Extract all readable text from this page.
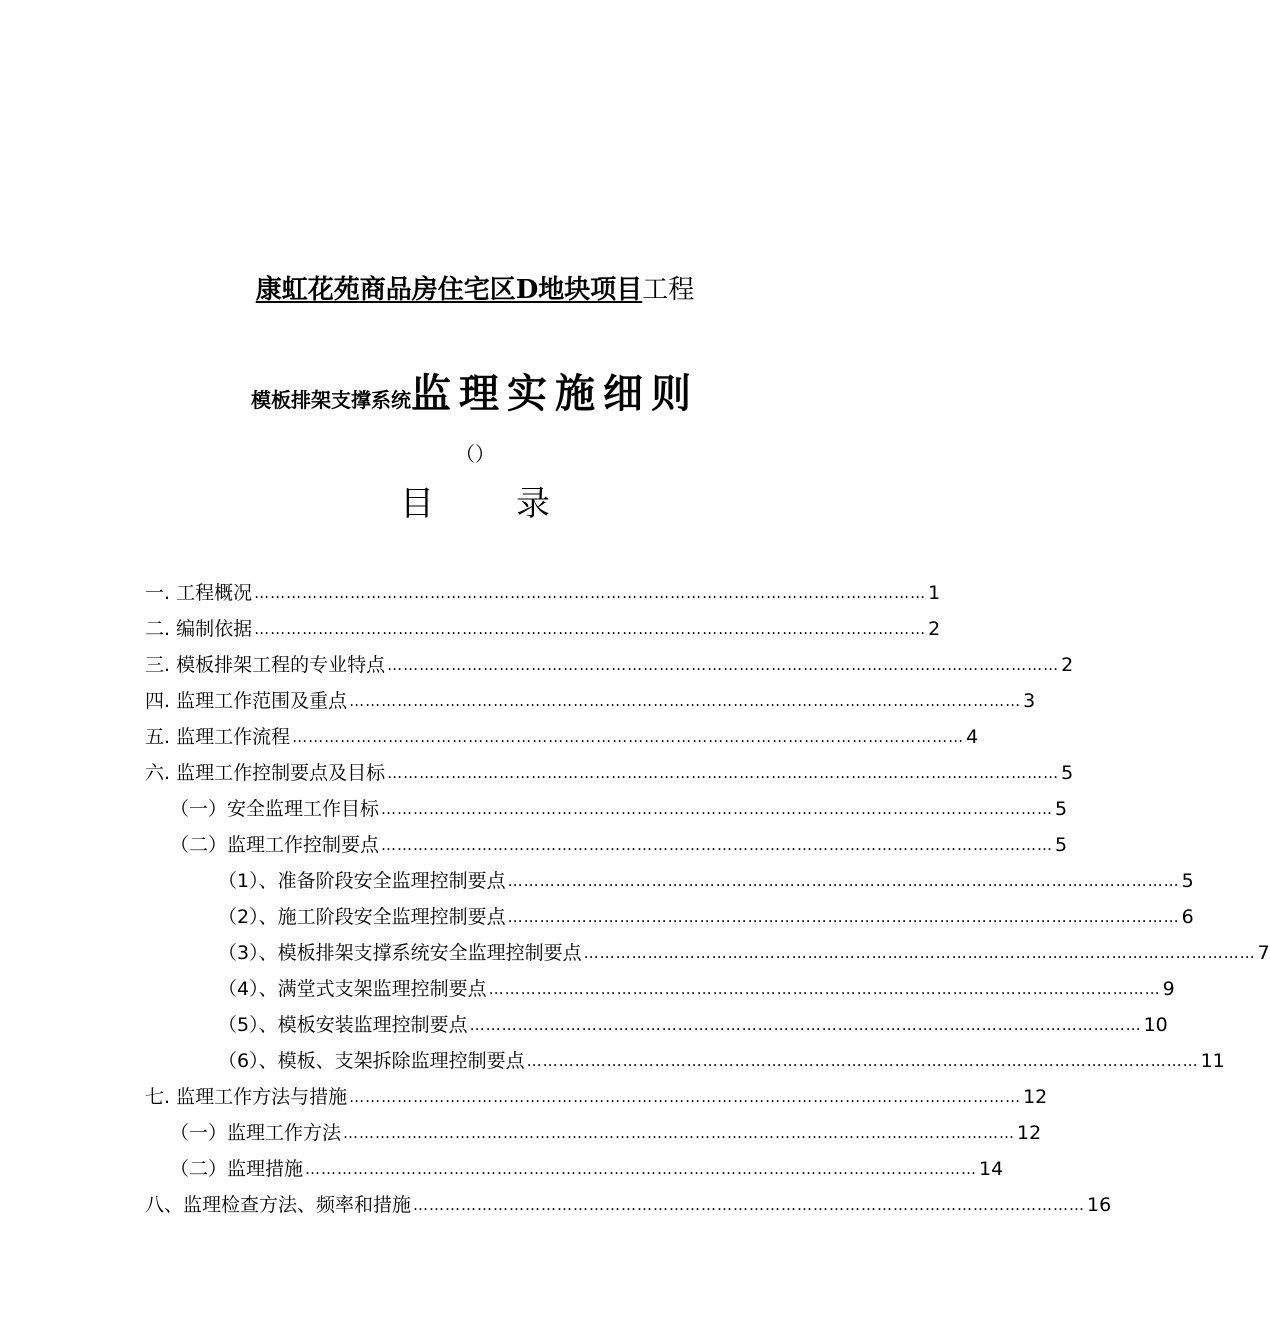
康虹花苑商品房住宅区D地块项目工程
模板排架支撑系统监理实施细则
（）
目 录
一. 工程概况 ……………………………………………………………………………………………………………… 1
二. 编制依据 ……………………………………………………………………………………………………………… 2
三. 模板排架工程的专业特点 ……………………………………………………………………………………………………………… 2
四. 监理工作范围及重点 ……………………………………………………………………………………………………………… 3
五. 监理工作流程 ……………………………………………………………………………………………………………… 4
六. 监理工作控制要点及目标 ……………………………………………………………………………………………………………… 5
（一）安全监理工作目标 ……………………………………………………………………………………………………………… 5
（二）监理工作控制要点 ……………………………………………………………………………………………………………… 5
（1）、准备阶段安全监理控制要点 ……………………………………………………………………………………………………………… 5
（2）、施工阶段安全监理控制要点 ……………………………………………………………………………………………………………… 6
（3）、模板排架支撑系统安全监理控制要点 ……………………………………………………………………………………………………………… 7
（4）、满堂式支架监理控制要点 ……………………………………………………………………………………………………………… 9
（5）、模板安装监理控制要点 ……………………………………………………………………………………………………………… 10
（6）、模板、支架拆除监理控制要点 ……………………………………………………………………………………………………………… 11
七. 监理工作方法与措施 ……………………………………………………………………………………………………………… 12
（一）监理工作方法 ……………………………………………………………………………………………………………… 12
（二）监理措施 ……………………………………………………………………………………………………………… 14
八、监理检查方法、频率和措施 ……………………………………………………………………………………………………………… 16
